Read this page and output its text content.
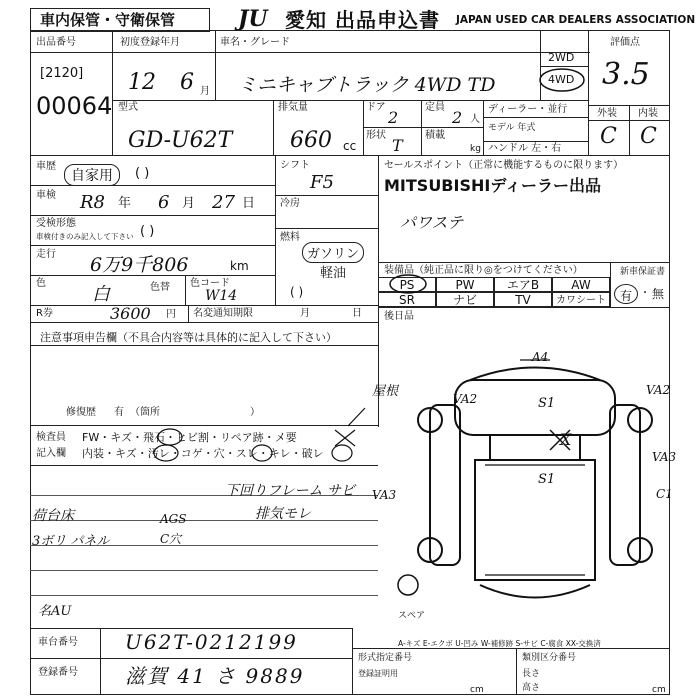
車内保管・守衛保管	JU 愛知 出品申込書 JAPAN USED CAR DEALERS ASSOCIATION
出品番号
[2120]
00064
初度登録年月
12 6 月
車名・グレード
ミニキャブトラック 4WD TD
2WD
4WD
評価点
3.5
外装 内装
C C
型式
GD-U62T
排気量
660 cc
ドア
2
定員
2 人
形状
T
積載
kg
ディーラー・並行
モデル 年式
ハンドル 左・右
車歴
自家用	( )
車検 R8 年 6 月 27 日
受検形態
車検付きのみ記入して下さい ( )
走行 6万9千806	km
色
白	色替 色コード
W14
シフト
F5
冷房
燃料
ガソリン
軽油
( )
R券	3600 円 名変通知期限	月	日
セールスポイント（正常に機能するものに限ります）
MITSUBISHIディーラー出品
パワステ
装備品（純正品に限り◎をつけてください）
PS	PW	エアB	AW
SR	ナビ	TV	カワシート
新車保証書
有 ・ 無
後日品
注意事項申告欄（不具合内容等は具体的に記入して下さい）
修復歴 有 （箇所	）
検査員
記入欄
FW・キズ・飛石・ヒビ割・リペア跡・メ要
内装・キズ・汚レ・コゲ・穴・スレ・キレ・破レ
屋根
下回りフレーム サビ
排気モレ
VA3
荷台床
3ボリ パネル
AGS
C穴
名AU
A4
VA2	S1
X
S1
VA2
VA3
C1
スペア
A-キズ E-エクボ U-凹み W-補修跡 S-サビ C-腐食 XX-交換済
車台番号 U62T-0212199
登録番号 滋賀 41 さ 9889
形式指定番号	類別区分番号
登録証明用	長さ
高さ
cm	cm
